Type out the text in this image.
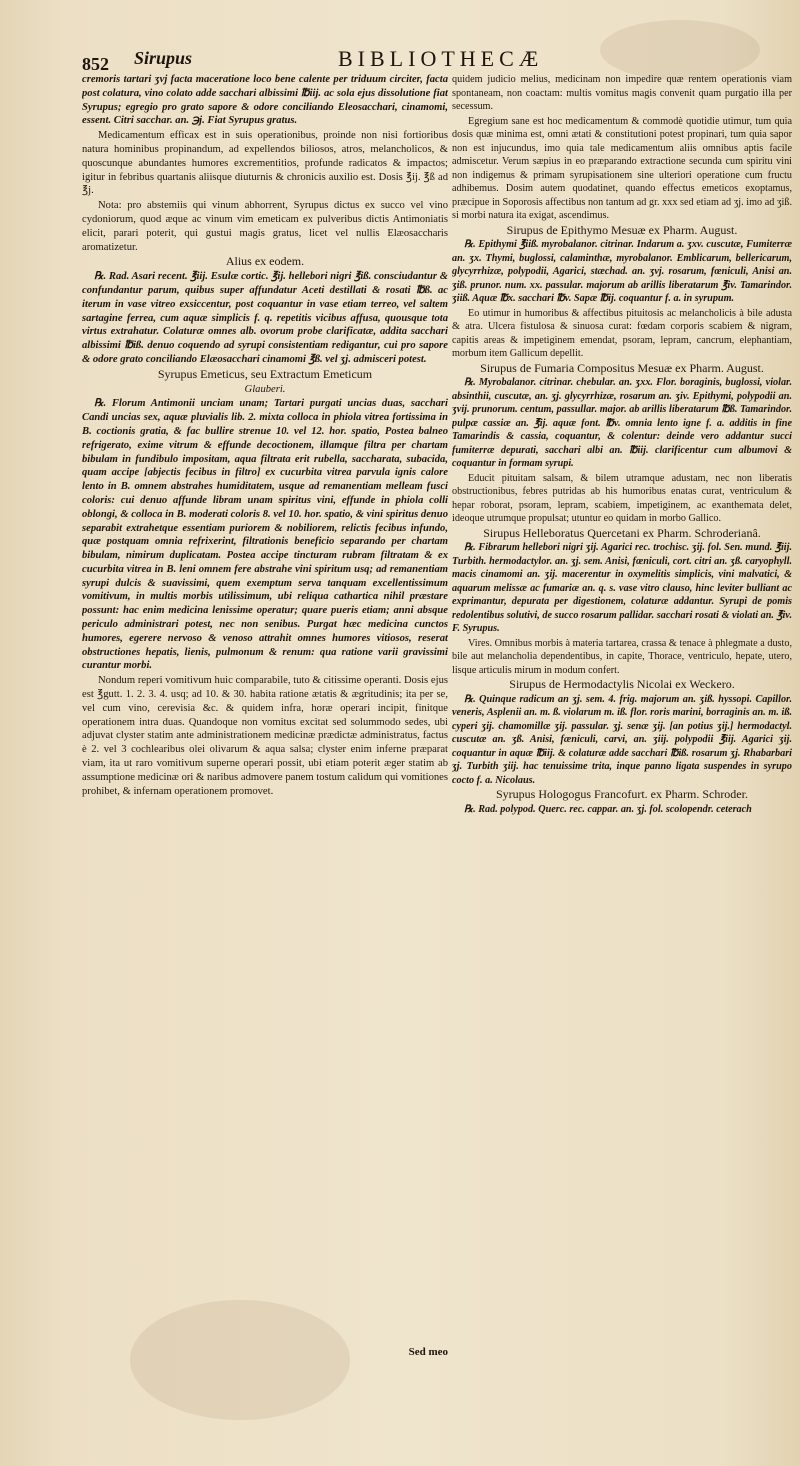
852 Sirupus	BIBLIOTHECÆ

cremoris tartari ʒvj facta maceratione loco bene calente per triduum circiter, facta post colatura, vino colato adde sacchari albissimi ℔iij. ac sola ejus dissolutione fiat Syrupus; egregio pro grato sapore & odore conciliando Eleosacchari, cinamomi, essent. Citri sacchar. an. ℈j. Fiat Syrupus gratus.

Medicamentum efficax est in suis operationibus, proinde non nisi fortioribus natura hominibus propinandum, ad expellendos biliosos, atros, melancholicos, & quoscunque abundantes humores excrementitios, profunde radicatos & impactos; igitur in febribus quartanis aliisque diuturnis & chronicis auxilio est. Dosis ℥ij. ℥ß ad ℥j.

Nota: pro abstemiis qui vinum abhorrent, Syrupus dictus ex succo vel vino cydoniorum, quod æque ac vinum vim emeticam ex pulveribus dictis Antimoniatis elicit, parari poterit, qui gustui magis gratus, licet vel nullis Elæosaccharis aromatizetur.

Alius ex eodem.

℞. Rad. Asari recent. ℥iij. Esulæ cortic. ℥ij. hellebori nigri ℥iß. consciudantur & confundantur parum, quibus super affundatur Aceti destillati & rosati ℔ß. ac iterum in vase vitreo exsiccentur, post coquantur in vase etiam terreo, vel saltem sartagine ferrea, cum aquæ simplicis f. q. repetitis vicibus affusa, quousque tota virtus extrahatur. Colaturæ omnes alb. ovorum probe clarificatæ, addita sacchari albissimi ℔iß. denuo coquendo ad syrupi consistentiam redigantur, cui pro sapore & odore grato conciliando Elæosacchari cinamomi ℥ß. vel ʒj. admisceri potest.

Syrupus Emeticus, seu Extractum Emeticum

Glauberi.

℞. Florum Antimonii unciam unam; Tartari purgati uncias duas, sacchari Candi uncias sex, aquæ pluvialis lib. 2. mixta colloca in phiola vitrea fortissima in B. coctionis gratia, & fac bullire strenue 10. vel 12. hor. spatio, Postea balneo refrigerato, exime vitrum & effunde decoctionem, illamque filtra per chartam bibulam in fundibulo impositam, aqua filtrata erit rubella, saccharata, subacida, quam accipe [abjectis fecibus in filtro] ex cucurbita vitrea parvula ignis calore lento in B. omnem abstrahes humiditatem, usque ad remanentiam melleam fusci coloris: cui denuo affunde libram unam spiritus vini, effunde in phiola colli oblongi, & colloca in B. moderati coloris 8. vel 10. hor. spatio, & vini spiritus denuo separabit extrahetque essentiam puriorem & nobiliorem, relictis fecibus infundo, quæ postquam omnia refrixerint, filtrationis beneficio separando per chartam bibulam, nimirum duplicatam. Postea accipe tincturam rubram filtratam & ex cucurbita vitrea in B. leni omnem fere abstrahe vini spiritum usq; ad remanentiam syrupi dulcis & suavissimi, quem exemptum serva tanquam excellentissimum vomitivum, in multis morbis utilissimum, ubi reliqua cathartica nihil præstare possunt: hac enim medicina lenissime operatur; quare pueris etiam; anni absque periculo administrari potest, nec non senibus. Purgat hæc medicina cunctos humores, egerere nervoso & venoso attrahit omnes humores vitiosos, reserat obstructiones hepatis, lienis, pulmonum & renum: qua ratione varii gravissimi curantur morbi.

Nondum reperi vomitivum huic comparabile, tuto & citissime operanti. Dosis ejus est ℥gutt. 1. 2. 3. 4. usq; ad 10. & 30. habita ratione ætatis & ægritudinis; ita per se, vel cum vino, cerevisia &c. & quidem infra, horæ operari incipit, finitque operationem intra duas. Quandoque non vomitus excitat sed solummodo sedes, ubi adjuvat clyster statim ante administrationem medicinæ prædictæ administratus, factus è 2. vel 3 cochlearibus olei olivarum & aqua salsa; clyster enim inferne præparat viam, ita ut raro vomitivum superne operari possit, ubi etiam poterit æger statim ab assumptione medicinæ ori & naribus admovere panem tostum calidum qui vomitiones prohibet, & infernam operationem promovet.

quidem judicio melius, medicinam non impedire quæ rentem operationis viam spontaneam, non coactam: multis vomitus magis convenit quam purgatio illa per secessum.

Egregium sane est hoc medicamentum & commodè quotidie utimur, tum quia dosis quæ minima est, omni ætati & constitutioni potest propinari, tum quia sapor non est injucundus, imo quia tale medicamentum aliis omnibus aptis facile admiscetur. Verum sæpius in eo præparando extractione secunda cum spiritu vini non indigemus & primam syrupisationem sine ulteriori operatione cum fructu adhibemus. Dosim autem quodatinet, quando effectus emeticos exoptamus, præcipue in Soporosis affectibus non tantum ad gr. xxx sed etiam ad ʒj. imo ad ʒiß. si morbi natura ita exigat, ascendimus.

Sirupus de Epithymo Mesuæ ex Pharm. August.

℞. Epithymi ℥iiß. myrobalanor. citrinar. Indarum a. ʒxv. cuscutæ, Fumiterræ an. ʒx. Thymi, buglossi, calaminthæ, myrobalanor. Emblicarum, bellericarum, glycyrrhizæ, polypodii, Agarici, stæchad. an. ʒvj. rosarum, fœniculi, Anisi an. ʒiß. prunor. num. xx. passular. majorum ab arillis liberatarum ℥iv. Tamarindor. ʒiiß. Aquæ ℔x. sacchari ℔v. Sapæ ℔ij. coquantur f. a. in syrupum.

Eo utimur in humoribus & affectibus pituitosis ac melancholicis à bile adusta & atra. Ulcera fistulosa & sinuosa curat: fœdam corporis scabiem & nigram, capitis areas & impetiginem emendat, psoram, lepram, cancrum, elephantiam, morbum item Gallicum depellit.

Sirupus de Fumaria Compositus Mesuæ ex Pharm. August.

℞. Myrobalanor. citrinar. chebular. an. ʒxx. Flor. boraginis, buglossi, violar. absinthii, cuscutæ, an. ʒj. glycyrrhizæ, rosarum an. ʒiv. Epithymi, polypodii an. ʒvij. prunorum. centum, passullar. major. ab arillis liberatarum ℔ß. Tamarindor. pulpæ cassiæ an. ℥ij. aquæ font. ℔v. omnia lento igne f. a. additis in fine Tamarindis & cassia, coquantur, & colentur: deinde vero addantur succi fumiterræ depurati, sacchari albi an. ℔iij. clarificentur cum albumovi & coquantur in formam syrupi.

Educit pituitam salsam, & bilem utramque adustam, nec non liberatis obstructionibus, febres putridas ab his humoribus enatas curat, ventriculum & hepar roborat, psoram, lepram, scabiem, impetiginem, ac exanthemata delet, ideoque utrumque propulsat; utuntur eo quidam in morbo Gallico.

Sirupus Helleboratus Quercetani ex Pharm. Schroderianâ.

℞. Fibrarum hellebori nigri ʒij. Agarici rec. trochisc. ʒij. fol. Sen. mund. ℥iij. Turbith. hermodactylor. an. ʒj. sem. Anisi, fœniculi, cort. citri an. ʒß. caryophyll. macis cinamomi an. ʒij. macerentur in oxymelitis simplicis, vini malvatici, & aquarum melissæ ac fumariæ an. q. s. vase vitro clauso, hinc leviter bulliant ac exprimantur, depurata per digestionem, colaturæ addantur. Syrupi de pomis redolentibus solutivi, de succo rosarum pallidar. sacchari rosati & violati an. ℥iv. F. Syrupus.

Vires. Omnibus morbis à materia tartarea, crassa & tenace à phlegmate a dusto, bile aut melancholia dependentibus, in capite, Thorace, ventriculo, hepate, utero, lisque articulis mirum in modum confert.

Sirupus de Hermodactylis Nicolai ex Weckero.

℞. Quinque radicum an ʒj. sem. 4. frig. majorum an. ʒiß. hyssopi. Capillor. veneris, Asplenii an. m. ß. violarum m. iß. flor. roris marini, borraginis an. m. iß. cyperi ʒij. chamomillæ ʒij. passular. ʒj. senæ ʒij. [an potius ʒij.] hermodactyl. cuscutæ an. ʒß. Anisi, fæniculi, carvi, an. ʒiij. polypodii ℥iij. Agarici ʒij. coquantur in aquæ ℔iij. & colaturæ adde sacchari ℔iß. rosarum ʒj. Rhabarbari ʒj. Turbith ʒiij. hac tenuissime trita, inque panno ligata suspendes in syrupo cocto f. a. Nicolaus.

Syrupus Hologogus Francofurt. ex Pharm. Schroder.

℞. Rad. polypod. Querc. rec. cappar. an. ʒj. fol. scolopendr. ceterach

Sed meo
